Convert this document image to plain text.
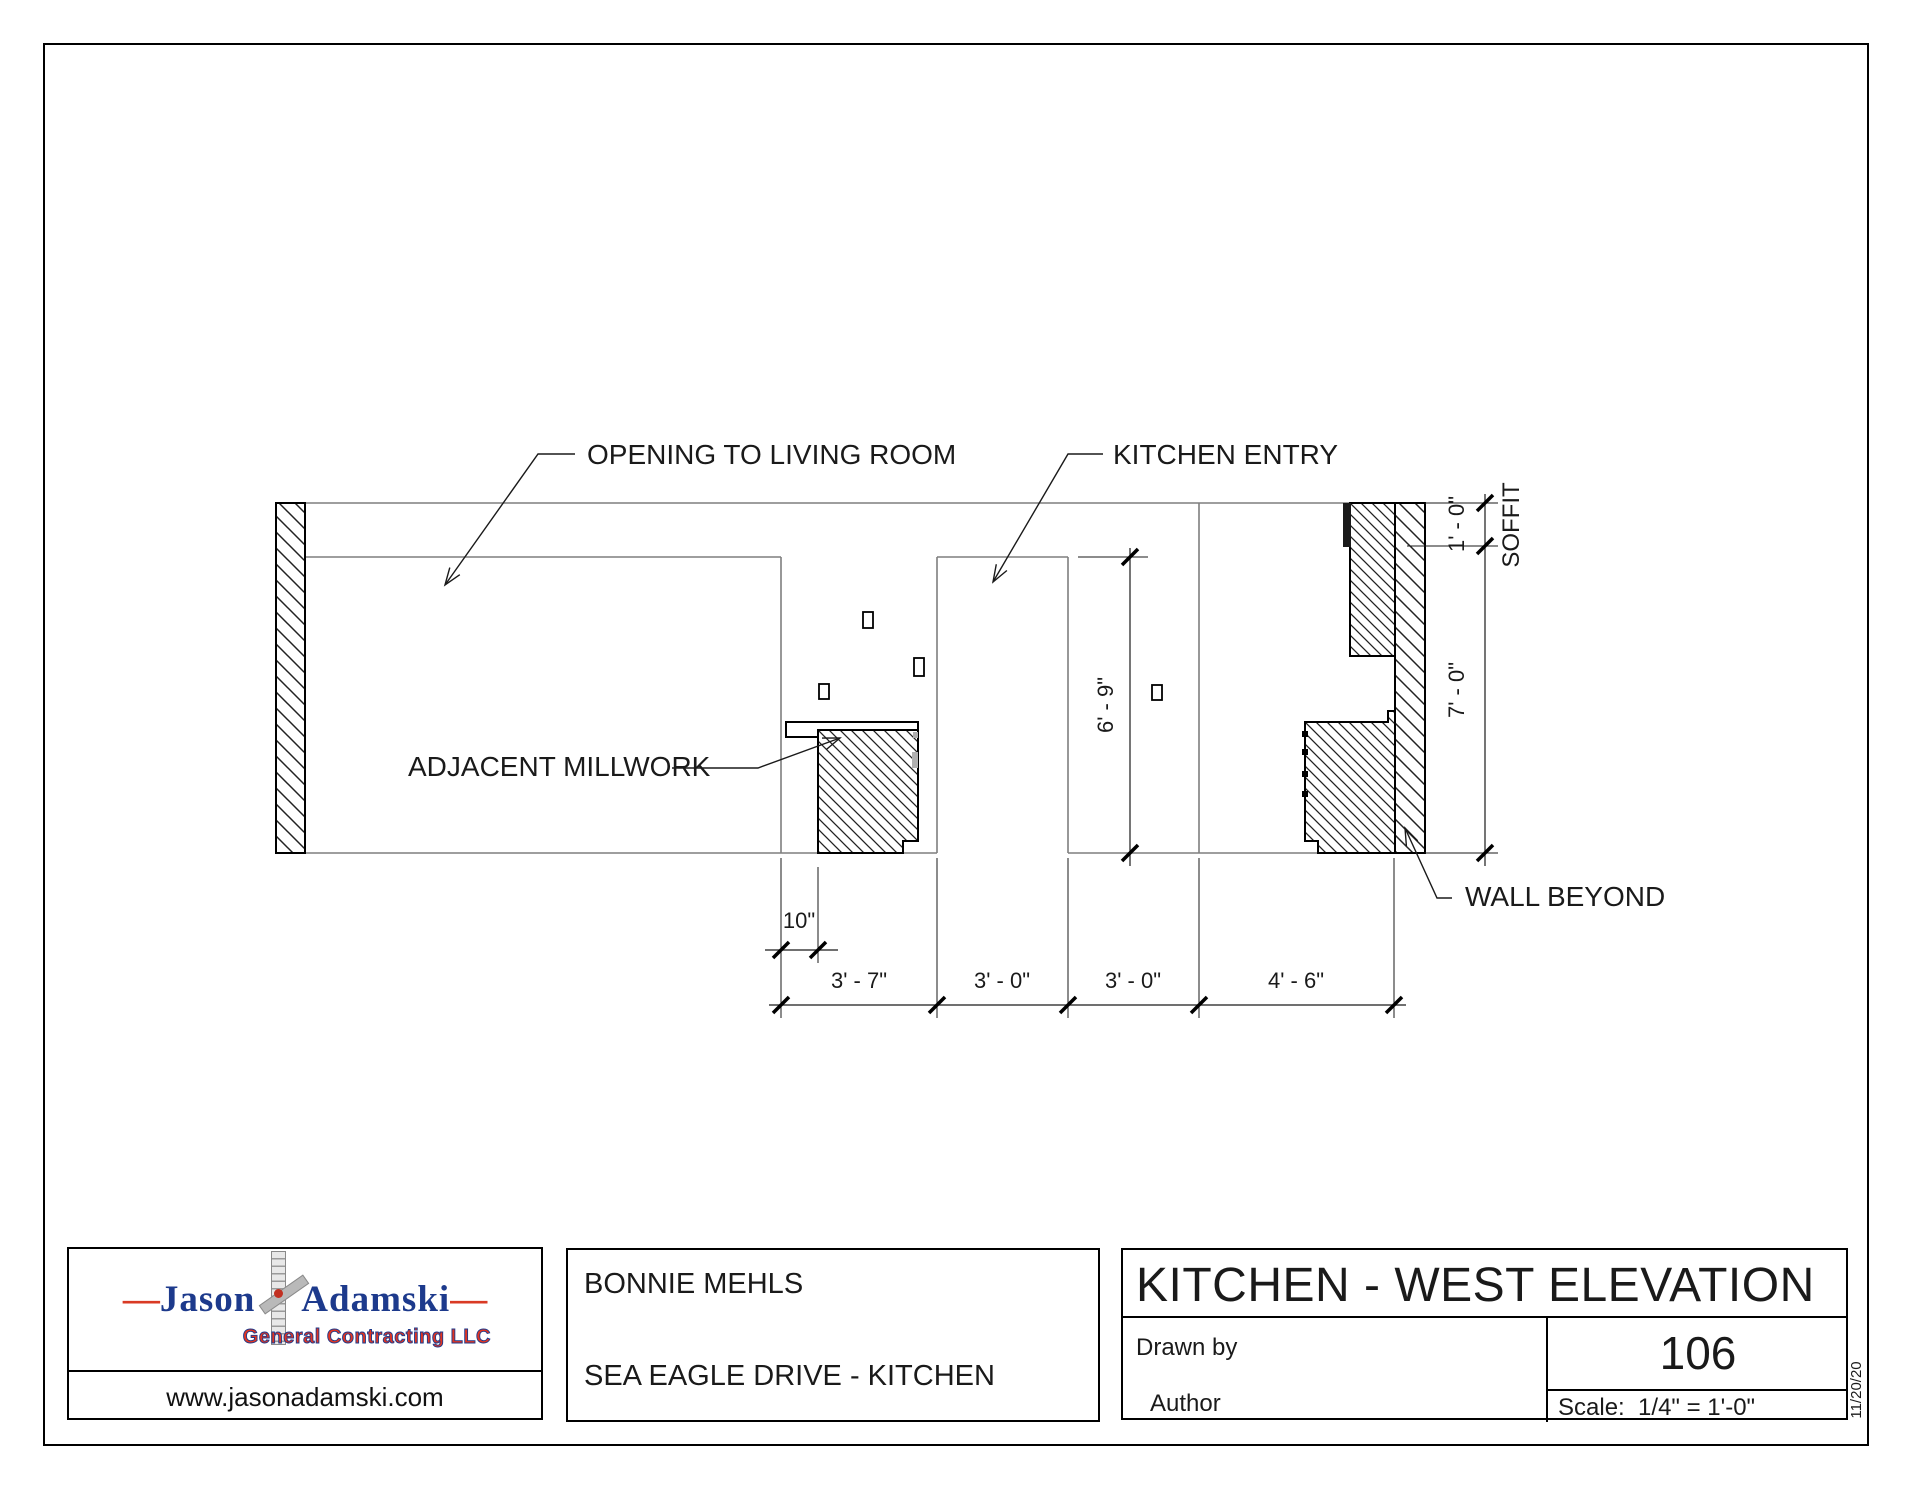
OPENING TO LIVING ROOM	KITCHEN ENTRY
ADJACENT MILLWORK
WALL BEYOND
10"
3' - 7"	3' - 0"	3' - 0"	4' - 6"
6' - 9"
1' - 0"
7' - 0"
SOFFIT
—Jason Adamski—
General Contracting LLC
www.jasonadamski.com
BONNIE MEHLS
SEA EAGLE DRIVE - KITCHEN
KITCHEN - WEST ELEVATION
Drawn by
Author
106
Scale: 1/4" = 1'-0"	11/20/20
